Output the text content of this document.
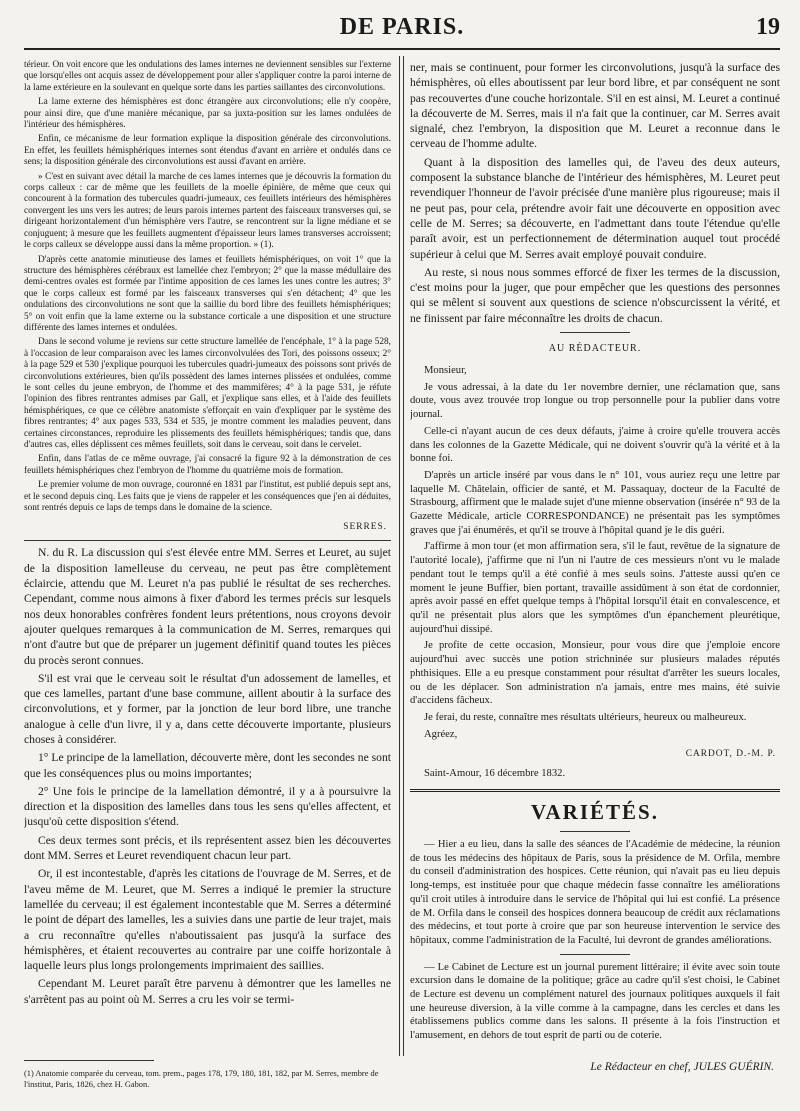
DE PARIS.	19

térieur. On voit encore que les ondulations des lames internes ne deviennent sensibles sur l'externe que lorsqu'elles ont acquis assez de développement pour aller s'appliquer contre la paroi interne de la lame extérieure en la soulevant en quelque sorte dans les parties saillantes des circonvolutions.

La lame externe des hémisphères est donc étrangère aux circonvolutions; elle n'y coopère, pour ainsi dire, que d'une manière mécanique, par sa juxta-position sur les lames ondulées de l'intérieur des hémisphères.

Enfin, ce mécanisme de leur formation explique la disposition générale des circonvolutions. En effet, les feuillets hémisphériques internes sont étendus d'avant en arrière et ondulés dans ce sens; la disposition générale des circonvolutions est aussi d'avant en arrière.

» C'est en suivant avec détail la marche de ces lames internes que je découvris la formation du corps calleux : car de même que les feuillets de la moelle épinière, de même que ceux qui concourent à la formation des tubercules quadri-jumeaux, ces feuillets intérieurs des hémisphères convergent les uns vers les autres; de leurs parois internes partent des faisceaux transverses qui, se dirigeant horizontalement d'un hémisphère vers l'autre, se rencontrent sur la ligne médiane et se conjuguent; à mesure que les feuillets augmentent d'épaisseur leurs lames transverses accroissent; le corps calleux se développe aussi dans la même proportion. » (1).

D'après cette anatomie minutieuse des lames et feuillets hémisphériques, on voit 1° que la structure des hémisphères cérébraux est lamellée chez l'embryon; 2° que la masse médullaire des demi-centres ovales est formée par l'intime apposition de ces lames les unes contre les autres; 3° que le corps calleux est formé par les faisceaux transverses qui s'en détachent; 4° que les ondulations des circonvolutions ne sont que la saillie du bord libre des feuillets hémisphériques; 5° on voit enfin que la lame externe ou la substance corticale a une disposition et une structure différente des lames internes et ondulées.

Dans le second volume je reviens sur cette structure lamellée de l'encéphale, 1° à la page 528, à l'occasion de leur comparaison avec les lames circonvolvulées des Tori, des poissons osseux; 2° à la page 529 et 530 j'explique pourquoi les tubercules quadri-jumeaux des poissons sont privés de circonvolutions extérieures, bien qu'ils possèdent des lames internes plissées et ondulées, comme le sont celles du jeune embryon, de l'homme et des mammifères; 4° à la page 531, je réfute l'opinion des fibres rentrantes admises par Gall, et j'explique sans elles, et à l'aide des feuillets hémisphériques, ce que ce célèbre anatomiste s'efforçait en vain d'expliquer par le système des fibres rentrantes; 4° aux pages 533, 534 et 535, je montre comment les maladies peuvent, dans certaines circonstances, reproduire les plissements des feuillets hémisphériques; tandis que, dans d'autres cas, elles déplissent ces mêmes feuillets, soit dans le cerveau, soit dans le cervelet.

Enfin, dans l'atlas de ce même ouvrage, j'ai consacré la figure 92 à la démonstration de ces feuillets hémisphériques chez l'embryon de l'homme du quatrième mois de formation.

Le premier volume de mon ouvrage, couronné en 1831 par l'institut, est publié depuis sept ans, et le second depuis cinq. Les faits que je viens de rappeler et les conséquences que j'en ai déduites, sont rentrés depuis ce laps de temps dans le domaine de la science.

SERRES.

N. du R. La discussion qui s'est élevée entre MM. Serres et Leuret, au sujet de la disposition lamelleuse du cerveau, ne peut pas être complètement éclaircie, attendu que M. Leuret n'a pas publié le résultat de ses recherches. Cependant, comme nous aimons à fixer d'abord les termes précis sur lesquels nos deux honorables confrères fondent leurs prétentions, nous croyons devoir ajouter quelques remarques à la communication de M. Serres, remarques qui n'ont d'autre but que de préparer un jugement définitif quand toutes les pièces du procès seront connues.

S'il est vrai que le cerveau soit le résultat d'un adossement de lamelles, et que ces lamelles, partant d'une base commune, aillent aboutir à la surface des circonvolutions, et y former, par la jonction de leur bord libre, une tranche analogue à celle d'un livre, il y a, dans cette découverte importante, plusieurs choses à considérer.

1° Le principe de la lamellation, découverte mère, dont les secondes ne sont que les conséquences plus ou moins importantes;

2° Une fois le principe de la lamellation démontré, il y a à poursuivre la direction et la disposition des lamelles dans tous les sens qu'elles affectent, et jusqu'où cette disposition s'étend.

Ces deux termes sont précis, et ils représentent assez bien les découvertes dont MM. Serres et Leuret revendiquent chacun leur part.

Or, il est incontestable, d'après les citations de l'ouvrage de M. Serres, et de l'aveu même de M. Leuret, que M. Serres a indiqué le premier la structure lamellée du cerveau; il est également incontestable que M. Serres a déterminé le point de départ des lamelles, les a suivies dans une partie de leur trajet, mais a cru reconnaître qu'elles n'aboutissaient pas jusqu'à la surface des hémisphères, et étaient recouvertes au contraire par une coiffe horizontale à laquelle leurs plus longs prolongements imprimaient des saillies.

Cependant M. Leuret paraît être parvenu à démontrer que les lamelles ne s'arrêtent pas au point où M. Serres a cru les voir se termi-

(1) Anatomie comparée du cerveau, tom. prem., pages 178, 179, 180, 181, 182, par M. Serres, membre de l'institut, Paris, 1826, chez H. Gabon.

ner, mais se continuent, pour former les circonvolutions, jusqu'à la surface des hémisphères, où elles aboutissent par leur bord libre, et par conséquent ne sont pas recouvertes d'une couche horizontale. S'il en est ainsi, M. Leuret a continué la découverte de M. Serres, mais il n'a fait que la continuer, car M. Serres avait signalé, chez l'embryon, la disposition que M. Leuret a reconnue dans le cerveau de l'homme adulte.

Quant à la disposition des lamelles qui, de l'aveu des deux auteurs, composent la substance blanche de l'intérieur des hémisphères, M. Leuret peut revendiquer l'honneur de l'avoir précisée d'une manière plus rigoureuse; mais il ne peut pas, pour cela, prétendre avoir fait une découverte en opposition avec celle de M. Serres; sa découverte, en l'admettant dans toute l'étendue qu'elle paraît avoir, est un perfectionnement de détermination auquel tout procédé supérieur à celui que M. Serres avait employé pouvait conduire.

Au reste, si nous nous sommes efforcé de fixer les termes de la discussion, c'est moins pour la juger, que pour empêcher que les questions des personnes qui se mêlent si souvent aux questions de science n'obscurcissent la vérité, et ne finissent par faire méconnaître les droits de chacun.

AU RÉDACTEUR.

Monsieur,

Je vous adressai, à la date du 1er novembre dernier, une réclamation que, sans doute, vous avez trouvée trop longue ou trop personnelle pour la publier dans votre journal.

Celle-ci n'ayant aucun de ces deux défauts, j'aime à croire qu'elle trouvera accès dans les colonnes de la Gazette Médicale, qui ne doivent s'ouvrir qu'à la vérité et à la bonne foi.

D'après un article inséré par vous dans le n° 101, vous auriez reçu une lettre par laquelle M. Châtelain, officier de santé, et M. Passaquay, docteur de la Faculté de Strasbourg, affirment que le malade sujet d'une mienne observation (insérée n° 93 de la Gazette Médicale, article CORRESPONDANCE) ne présentait pas les symptômes graves que j'ai énumérés, et qu'il se trouve à l'hôpital quand je le dis guéri.

J'affirme à mon tour (et mon affirmation sera, s'il le faut, revêtue de la signature de l'autorité locale), j'affirme que ni l'un ni l'autre de ces messieurs n'ont vu le malade pendant tout le temps qu'il a été confié à mes seuls soins. J'atteste aussi qu'en ce moment le jeune Buffier, bien portant, travaille assidûment à son état de cordonnier, après avoir passé en effet quelque temps à l'hôpital lorsqu'il était en convalescence, et qu'il ne présentait plus alors que les symptômes d'un épanchement pleurétique, aujourd'hui dissipé.

Je profite de cette occasion, Monsieur, pour vous dire que j'emploie encore aujourd'hui avec succès une potion strichninée sur plusieurs malades réputés phthisiques. Elle a eu presque constamment pour résultat d'arrêter les sueurs locales, ou de les déplacer. Son administration n'a jamais, entre mes mains, été suivie d'accidens fâcheux.

Je ferai, du reste, connaître mes résultats ultérieurs, heureux ou malheureux.

Agréez,

CARDOT, D.-M. P.

Saint-Amour, 16 décembre 1832.

VARIÉTÉS.

— Hier a eu lieu, dans la salle des séances de l'Académie de médecine, la réunion de tous les médecins des hôpitaux de Paris, sous la présidence de M. Orfila, membre du conseil d'administration des hospices. Cette réunion, qui n'avait pas eu lieu depuis long-temps, est instituée pour que chaque médecin fasse connaître les améliorations qu'il croit utiles à introduire dans le service de l'hôpital qui lui est confié. La présence de M. Orfila dans le conseil des hospices donnera beaucoup de crédit aux réclamations des médecins, et tout porte à croire que par son heureuse intervention le service des hôpitaux, comme l'administration de la Faculté, lui devront de grandes améliorations.

— Le Cabinet de Lecture est un journal purement littéraire; il évite avec soin toute excursion dans le domaine de la politique; grâce au cadre qu'il s'est choisi, le Cabinet de Lecture est devenu un complément naturel des journaux politiques auxquels il fait une heureuse diversion, à la ville comme à la campagne, dans les cercles et dans les établissemens publics comme dans les salons. Il présente à la fois l'instruction et l'amusement, en dehors de tout esprit de parti ou de coterie.

Le Rédacteur en chef, JULES GUÉRIN.
